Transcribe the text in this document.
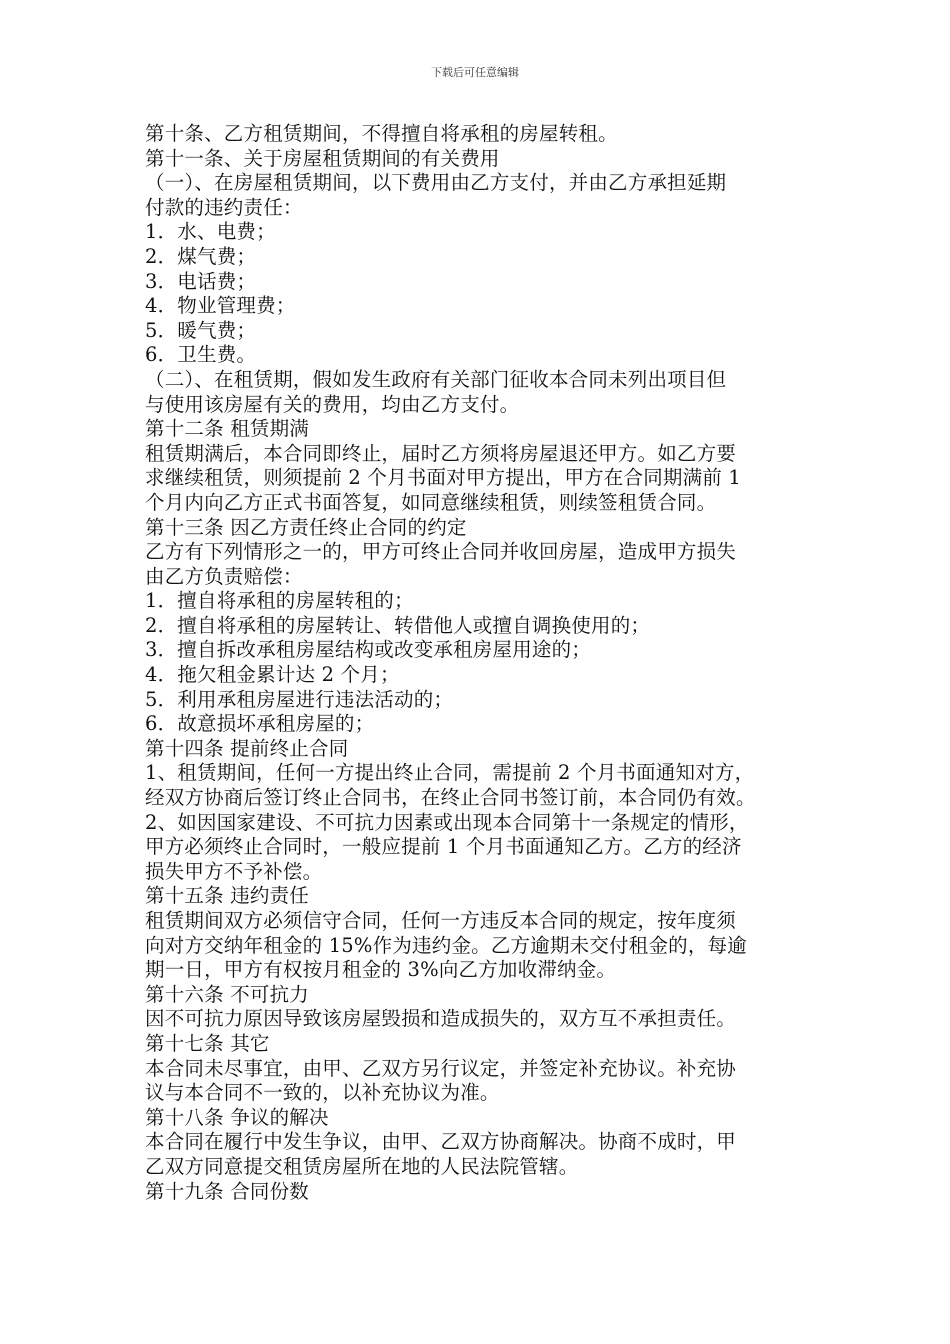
下载后可任意编辑
第十条、乙方租赁期间，不得擅自将承租的房屋转租。
第十一条、关于房屋租赁期间的有关费用
（一）、在房屋租赁期间，以下费用由乙方支付，并由乙方承担延期
付款的违约责任：
1．水、电费；
2．煤气费；
3．电话费；
4．物业管理费；
5．暖气费；
6．卫生费。
（二）、在租赁期，假如发生政府有关部门征收本合同未列出项目但
与使用该房屋有关的费用，均由乙方支付。
第十二条 租赁期满
租赁期满后，本合同即终止，届时乙方须将房屋退还甲方。如乙方要
求继续租赁，则须提前 2 个月书面对甲方提出，甲方在合同期满前 1
个月内向乙方正式书面答复，如同意继续租赁，则续签租赁合同。
第十三条 因乙方责任终止合同的约定
乙方有下列情形之一的，甲方可终止合同并收回房屋，造成甲方损失
由乙方负责赔偿：
1．擅自将承租的房屋转租的；
2．擅自将承租的房屋转让、转借他人或擅自调换使用的；
3．擅自拆改承租房屋结构或改变承租房屋用途的；
4．拖欠租金累计达 2 个月；
5．利用承租房屋进行违法活动的；
6．故意损坏承租房屋的；
第十四条 提前终止合同
1、租赁期间，任何一方提出终止合同，需提前 2 个月书面通知对方，
经双方协商后签订终止合同书，在终止合同书签订前，本合同仍有效。
2、如因国家建设、不可抗力因素或出现本合同第十一条规定的情形，
甲方必须终止合同时，一般应提前 1 个月书面通知乙方。乙方的经济
损失甲方不予补偿。
第十五条 违约责任
租赁期间双方必须信守合同，任何一方违反本合同的规定，按年度须
向对方交纳年租金的 15%作为违约金。乙方逾期未交付租金的，每逾
期一日，甲方有权按月租金的 3%向乙方加收滞纳金。
第十六条 不可抗力
因不可抗力原因导致该房屋毁损和造成损失的，双方互不承担责任。
第十七条 其它
本合同未尽事宜，由甲、乙双方另行议定，并签定补充协议。补充协
议与本合同不一致的，以补充协议为准。
第十八条 争议的解决
本合同在履行中发生争议，由甲、乙双方协商解决。协商不成时，甲
乙双方同意提交租赁房屋所在地的人民法院管辖。
第十九条 合同份数
